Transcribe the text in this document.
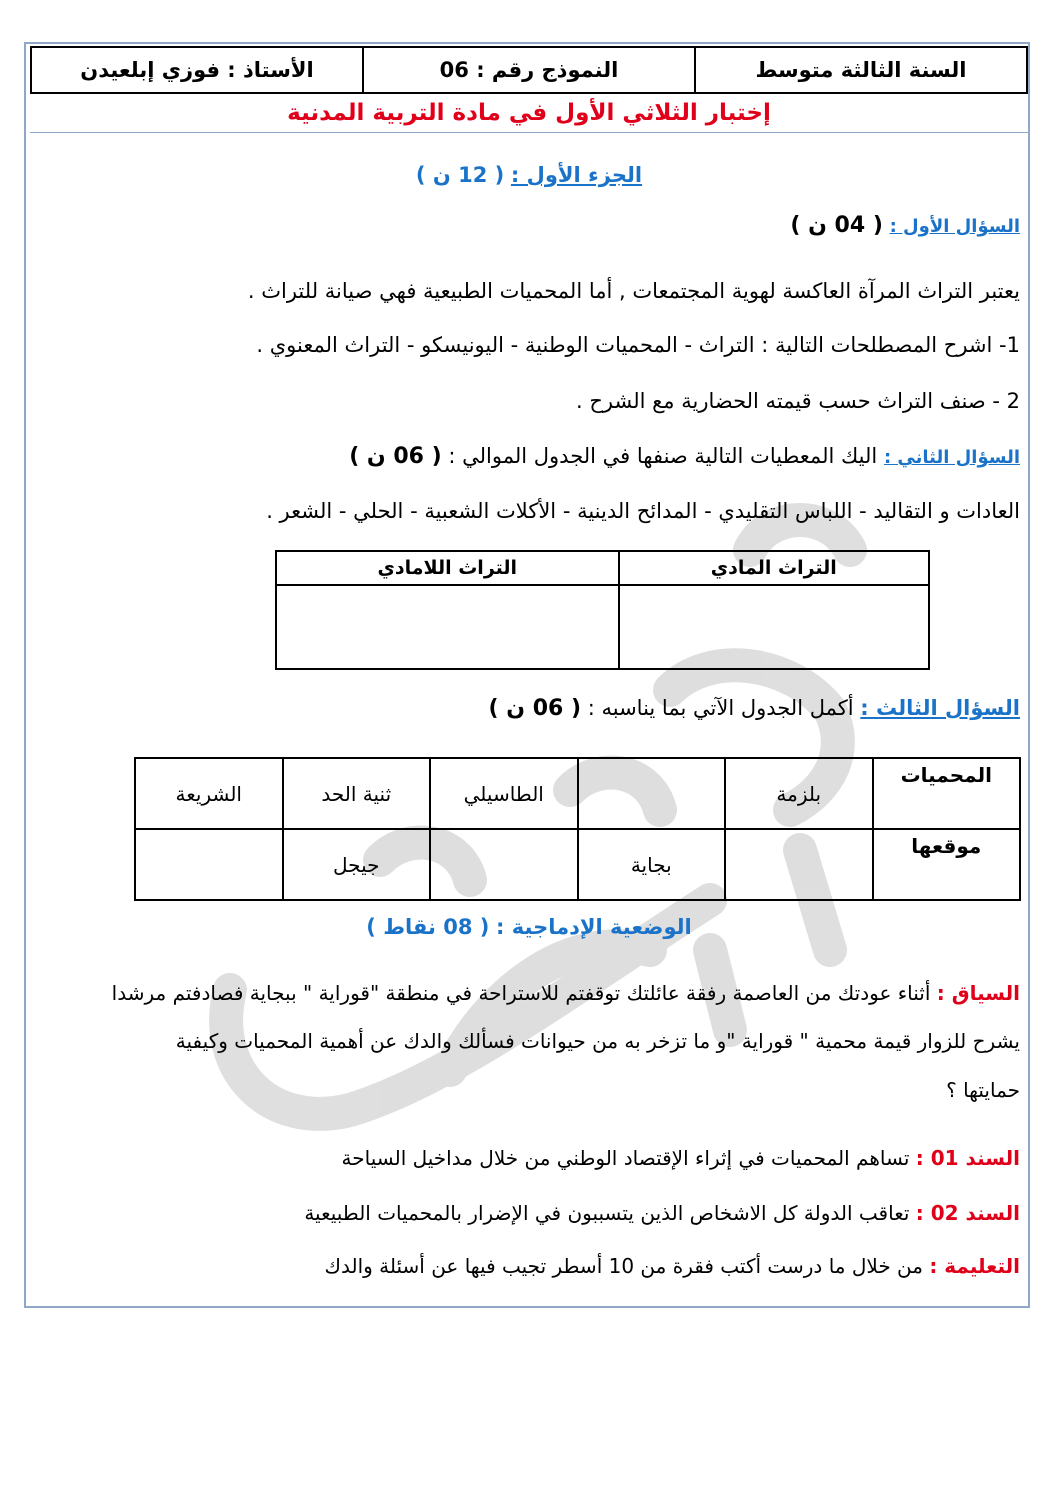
السنة الثالثة متوسط
النموذج رقم : 06
الأستاذ : فوزي إبلعيدن
إختبار الثلاثي الأول في مادة التربية المدنية
الجزء الأول : ( 12 ن )
السؤال الأول : ( 04 ن )
يعتبر التراث المرآة العاكسة لهوية المجتمعات , أما المحميات الطبيعية فهي صيانة للتراث .
1- اشرح المصطلحات التالية : التراث - المحميات الوطنية - اليونيسكو - التراث المعنوي .
2 - صنف التراث حسب قيمته الحضارية مع الشرح .
السؤال الثاني : اليك المعطيات التالية صنفها في الجدول الموالي : ( 06 ن )
العادات و التقاليد - اللباس التقليدي - المدائح الدينية - الأكلات الشعبية - الحلي - الشعر .
التراث المادي	التراث اللامادي

السؤال الثالث : أكمل الجدول الآتي بما يناسبه : ( 06 ن )
المحميات	بلزمة		الطاسيلي	ثنية الحد	الشريعة
موقعها		بجاية		جيجل	
الوضعية الإدماجية : ( 08 نقاط )
السياق : أثناء عودتك من العاصمة رفقة عائلتك توقفتم للاستراحة في منطقة "قوراية " ببجاية فصادفتم مرشدا
يشرح للزوار قيمة محمية " قوراية "و ما تزخر به من حيوانات فسألك والدك عن أهمية المحميات وكيفية
حمايتها ؟
السند 01 : تساهم المحميات في إثراء الإقتصاد الوطني من خلال مداخيل السياحة
السند 02 : تعاقب الدولة كل الاشخاص الذين يتسببون في الإضرار بالمحميات الطبيعية
التعليمة : من خلال ما درست أكتب فقرة من 10 أسطر تجيب فيها عن أسئلة والدك
